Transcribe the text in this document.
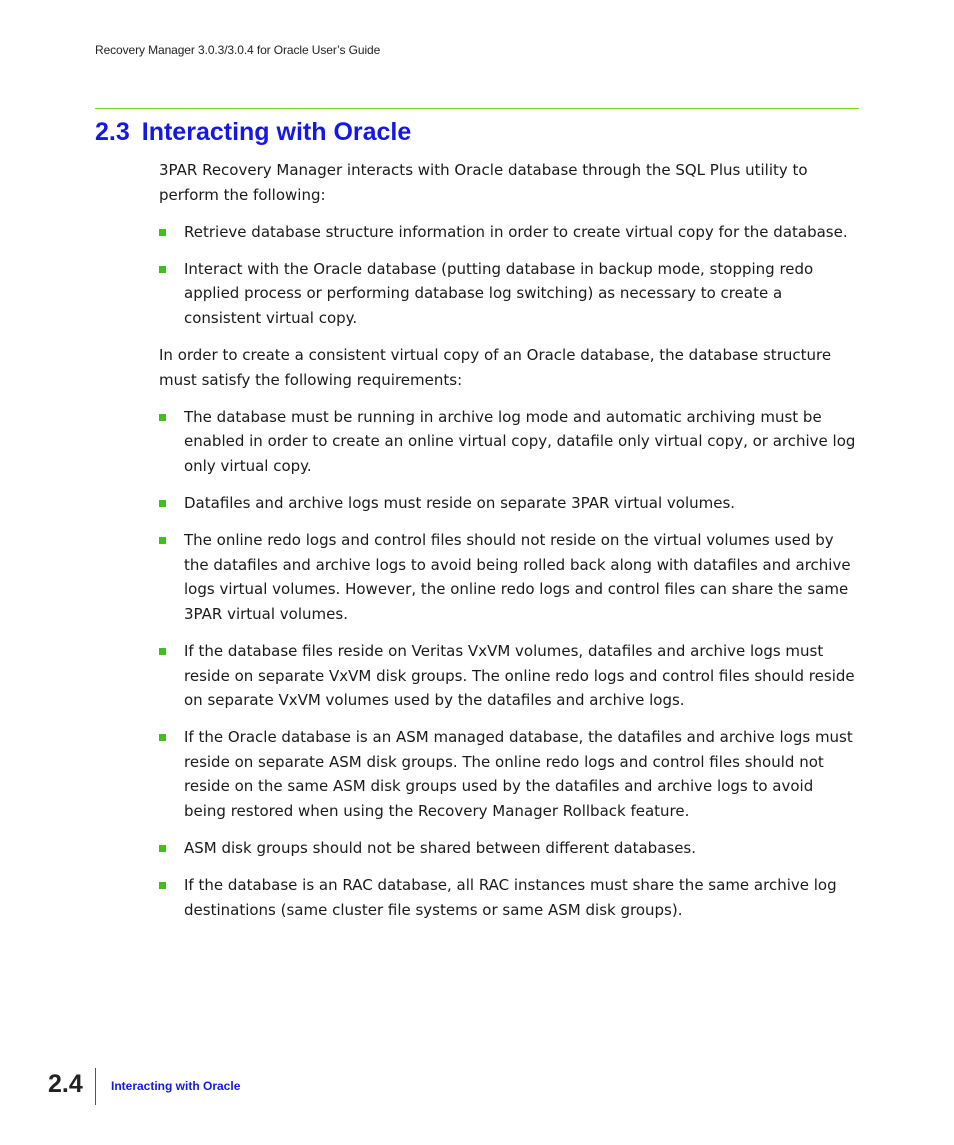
Recovery Manager 3.0.3/3.0.4 for Oracle User’s Guide
2.3 Interacting with Oracle

3PAR Recovery Manager interacts with Oracle database through the SQL Plus utility to perform the following:

Retrieve database structure information in order to create virtual copy for the database.
Interact with the Oracle database (putting database in backup mode, stopping redo applied process or performing database log switching) as necessary to create a consistent virtual copy.

In order to create a consistent virtual copy of an Oracle database, the database structure must satisfy the following requirements:

The database must be running in archive log mode and automatic archiving must be enabled in order to create an online virtual copy, datafile only virtual copy, or archive log only virtual copy.
Datafiles and archive logs must reside on separate 3PAR virtual volumes.
The online redo logs and control files should not reside on the virtual volumes used by the datafiles and archive logs to avoid being rolled back along with datafiles and archive logs virtual volumes. However, the online redo logs and control files can share the same 3PAR virtual volumes.
If the database files reside on Veritas VxVM volumes, datafiles and archive logs must reside on separate VxVM disk groups. The online redo logs and control files should reside on separate VxVM volumes used by the datafiles and archive logs.
If the Oracle database is an ASM managed database, the datafiles and archive logs must reside on separate ASM disk groups. The online redo logs and control files should not reside on the same ASM disk groups used by the datafiles and archive logs to avoid being restored when using the Recovery Manager Rollback feature.
ASM disk groups should not be shared between different databases.
If the database is an RAC database, all RAC instances must share the same archive log destinations (same cluster file systems or same ASM disk groups).
2.4 Interacting with Oracle
